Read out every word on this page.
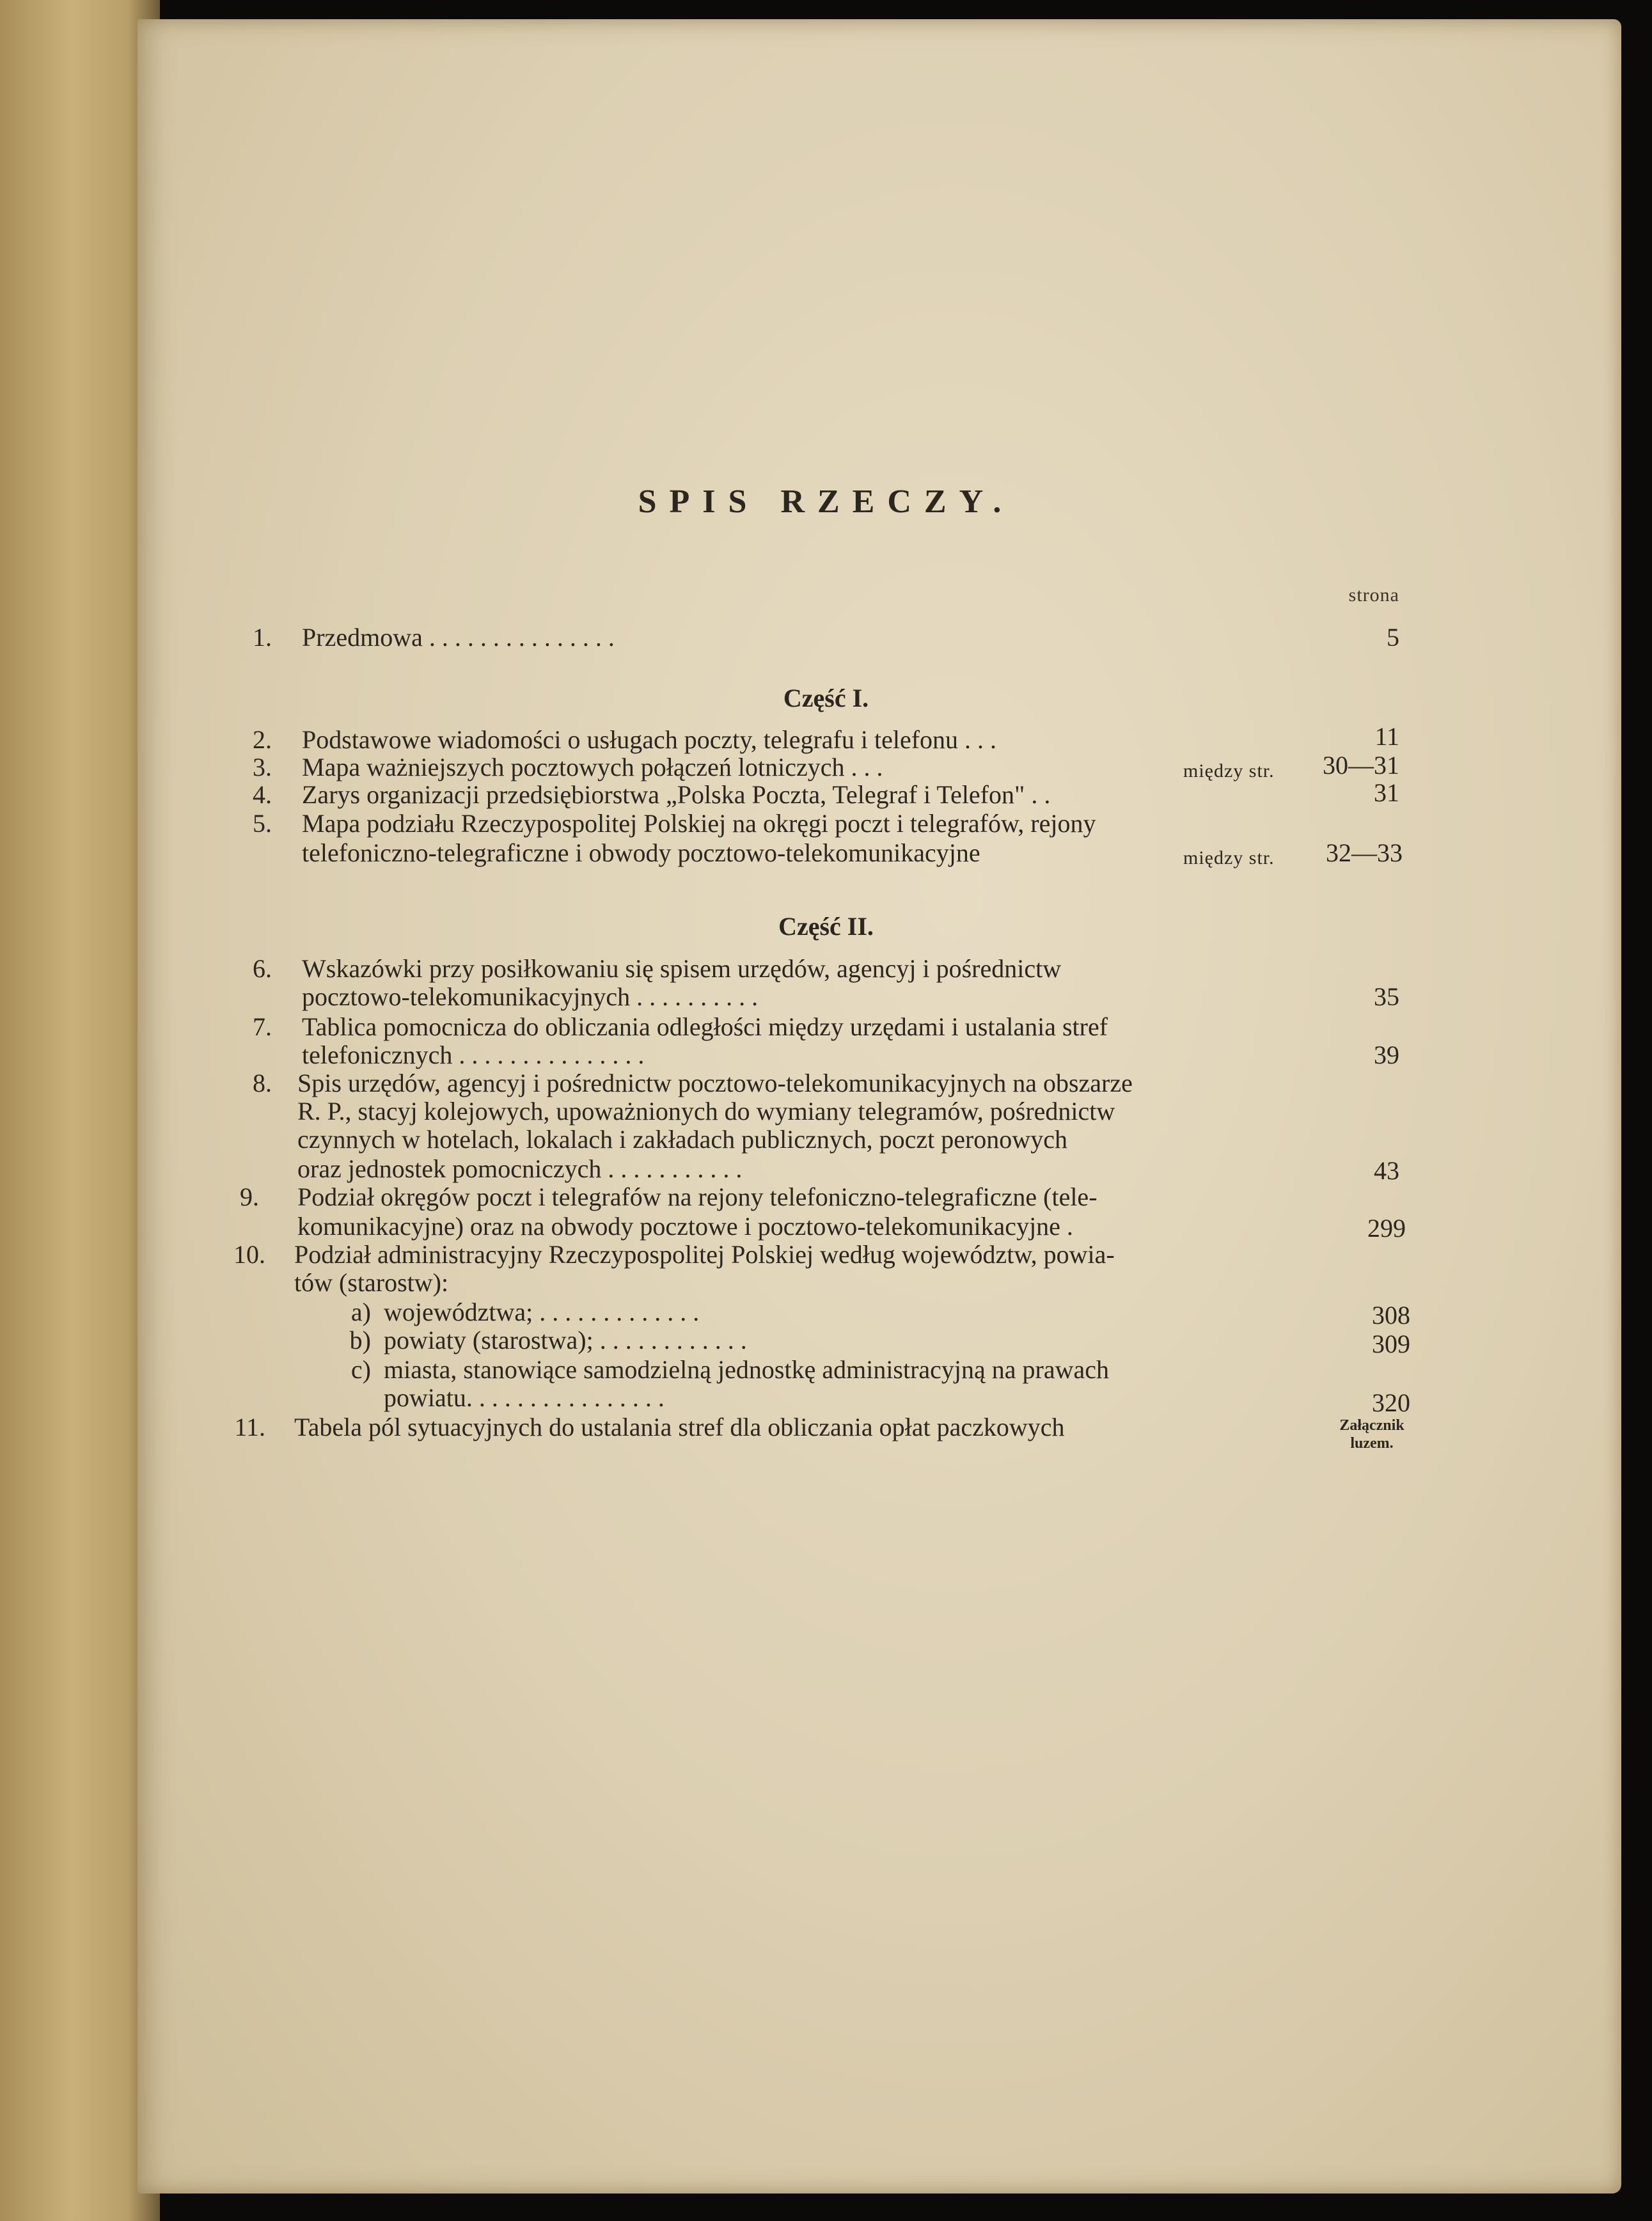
SPIS RZECZY.
strona
1. Przedmowa . . . . . . . . . . . . . . .	5
Część I.
2. Podstawowe wiadomości o usługach poczty, telegrafu i telefonu . . .	11
3. Mapa ważniejszych pocztowych połączeń lotniczych . . .	między str. 30—31
4. Zarys organizacji przedsiębiorstwa „Polska Poczta, Telegraf i Telefon" . .	31
5. Mapa podziału Rzeczypospolitej Polskiej na okręgi poczt i telegrafów, rejony
telefoniczno-telegraficzne i obwody pocztowo-telekomunikacyjne	między str. 32—33
Część II.
6. Wskazówki przy posiłkowaniu się spisem urzędów, agencyj i pośrednictw
pocztowo-telekomunikacyjnych . . . . . . . . . .	35
7. Tablica pomocnicza do obliczania odległości między urzędami i ustalania stref
telefonicznych . . . . . . . . . . . . . . .	39
8. Spis urzędów, agencyj i pośrednictw pocztowo-telekomunikacyjnych na obszarze
R. P., stacyj kolejowych, upoważnionych do wymiany telegramów, pośrednictw
czynnych w hotelach, lokalach i zakładach publicznych, poczt peronowych
oraz jednostek pomocniczych . . . . . . . . . . .	43
9. Podział okręgów poczt i telegrafów na rejony telefoniczno-telegraficzne (tele-
komunikacyjne) oraz na obwody pocztowe i pocztowo-telekomunikacyjne .	299
10. Podział administracyjny Rzeczypospolitej Polskiej według województw, powia-
tów (starostw):
a) województwa; . . . . . . . . . . . . .	308
b) powiaty (starostwa); . . . . . . . . . . . .	309
c) miasta, stanowiące samodzielną jednostkę administracyjną na prawach
powiatu. . . . . . . . . . . . . . . .	320
11. Tabela pól sytuacyjnych do ustalania stref dla obliczania opłat paczkowych	Załącznik
luzem.
